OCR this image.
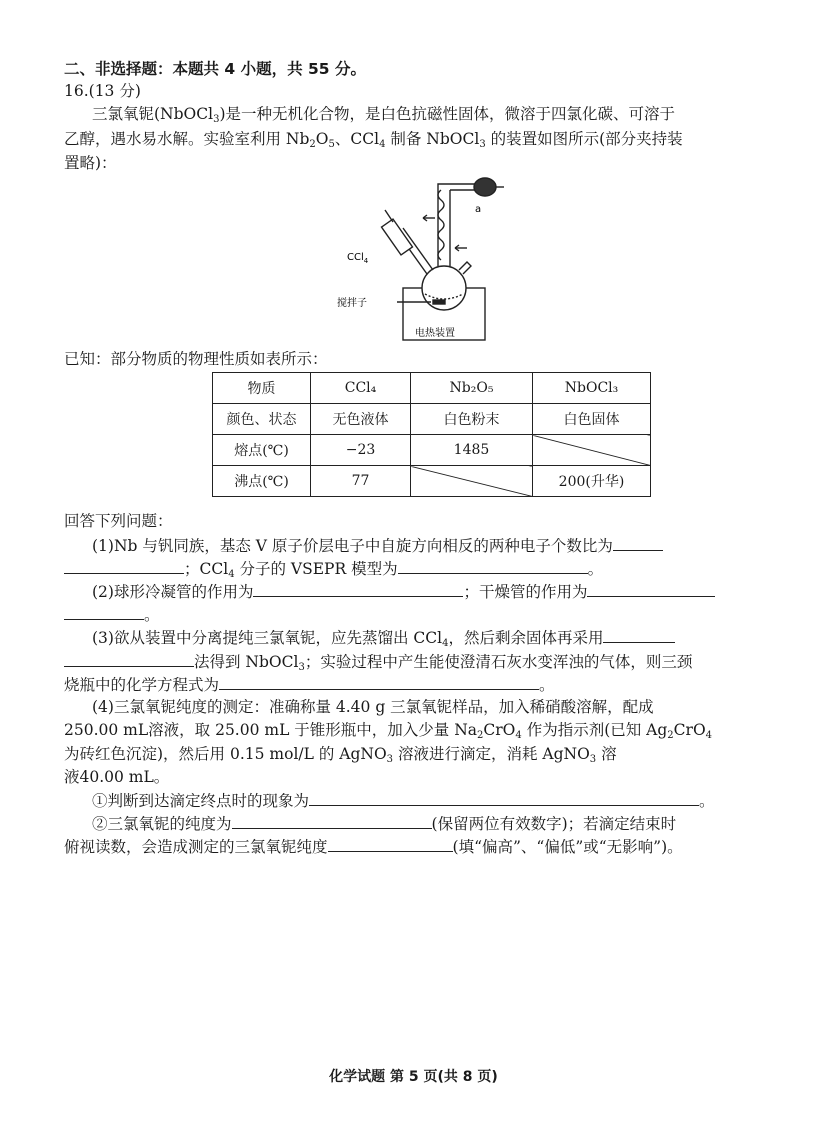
二、非选择题：本题共 4 小题，共 55 分。
16.(13 分)
三氯氧铌(NbOCl$_3$)是一种无机化合物，是白色抗磁性固体，微溶于四氯化碳、可溶于
乙醇，遇水易水解。实验室利用 $Nb_2O_5$、CCl$_4$ 制备 NbOCl$_3$ 的装置如图所示(部分夹持装
置略)：
a
CCl$_4$
搅拌子
电热装置
已知：部分物质的物理性质如表所示：
物质	CCl₄	Nb₂O₅	NbOCl₃
颜色、状态	无色液体	白色粉末	白色固体
熔点(℃)	−23	1485	
沸点(℃)	77		200(升华)
回答下列问题：
(1)Nb 与钒同族，基态 V 原子价层电子中自旋方向相反的两种电子个数比为
；CCl$_4$ 分子的 VSEPR 模型为	。
(2)球形冷凝管的作用为	；干燥管的作用为
。
(3)欲从装置中分离提纯三氯氧铌，应先蒸馏出 CCl$_4$，然后剩余固体再采用
法得到 NbOCl$_3$；实验过程中产生能使澄清石灰水变浑浊的气体，则三颈
烧瓶中的化学方程式为	。
(4)三氯氧铌纯度的测定：准确称量 4.40 g 三氯氧铌样品，加入稀硝酸溶解，配成
250.00 mL溶液，取 25.00 mL 于锥形瓶中，加入少量 $Na_2CrO_4$ 作为指示剂(已知 $Ag_2CrO_4$
为砖红色沉淀)，然后用 0.15 mol/L 的 AgNO$_3$ 溶液进行滴定，消耗 AgNO$_3$ 溶
液40.00 mL。
①判断到达滴定终点时的现象为	。
②三氯氧铌的纯度为	(保留两位有效数字)；若滴定结束时
俯视读数，会造成测定的三氯氧铌纯度	(填“偏高”、“偏低”或“无影响”)。
化学试题 第 5 页(共 8 页)
